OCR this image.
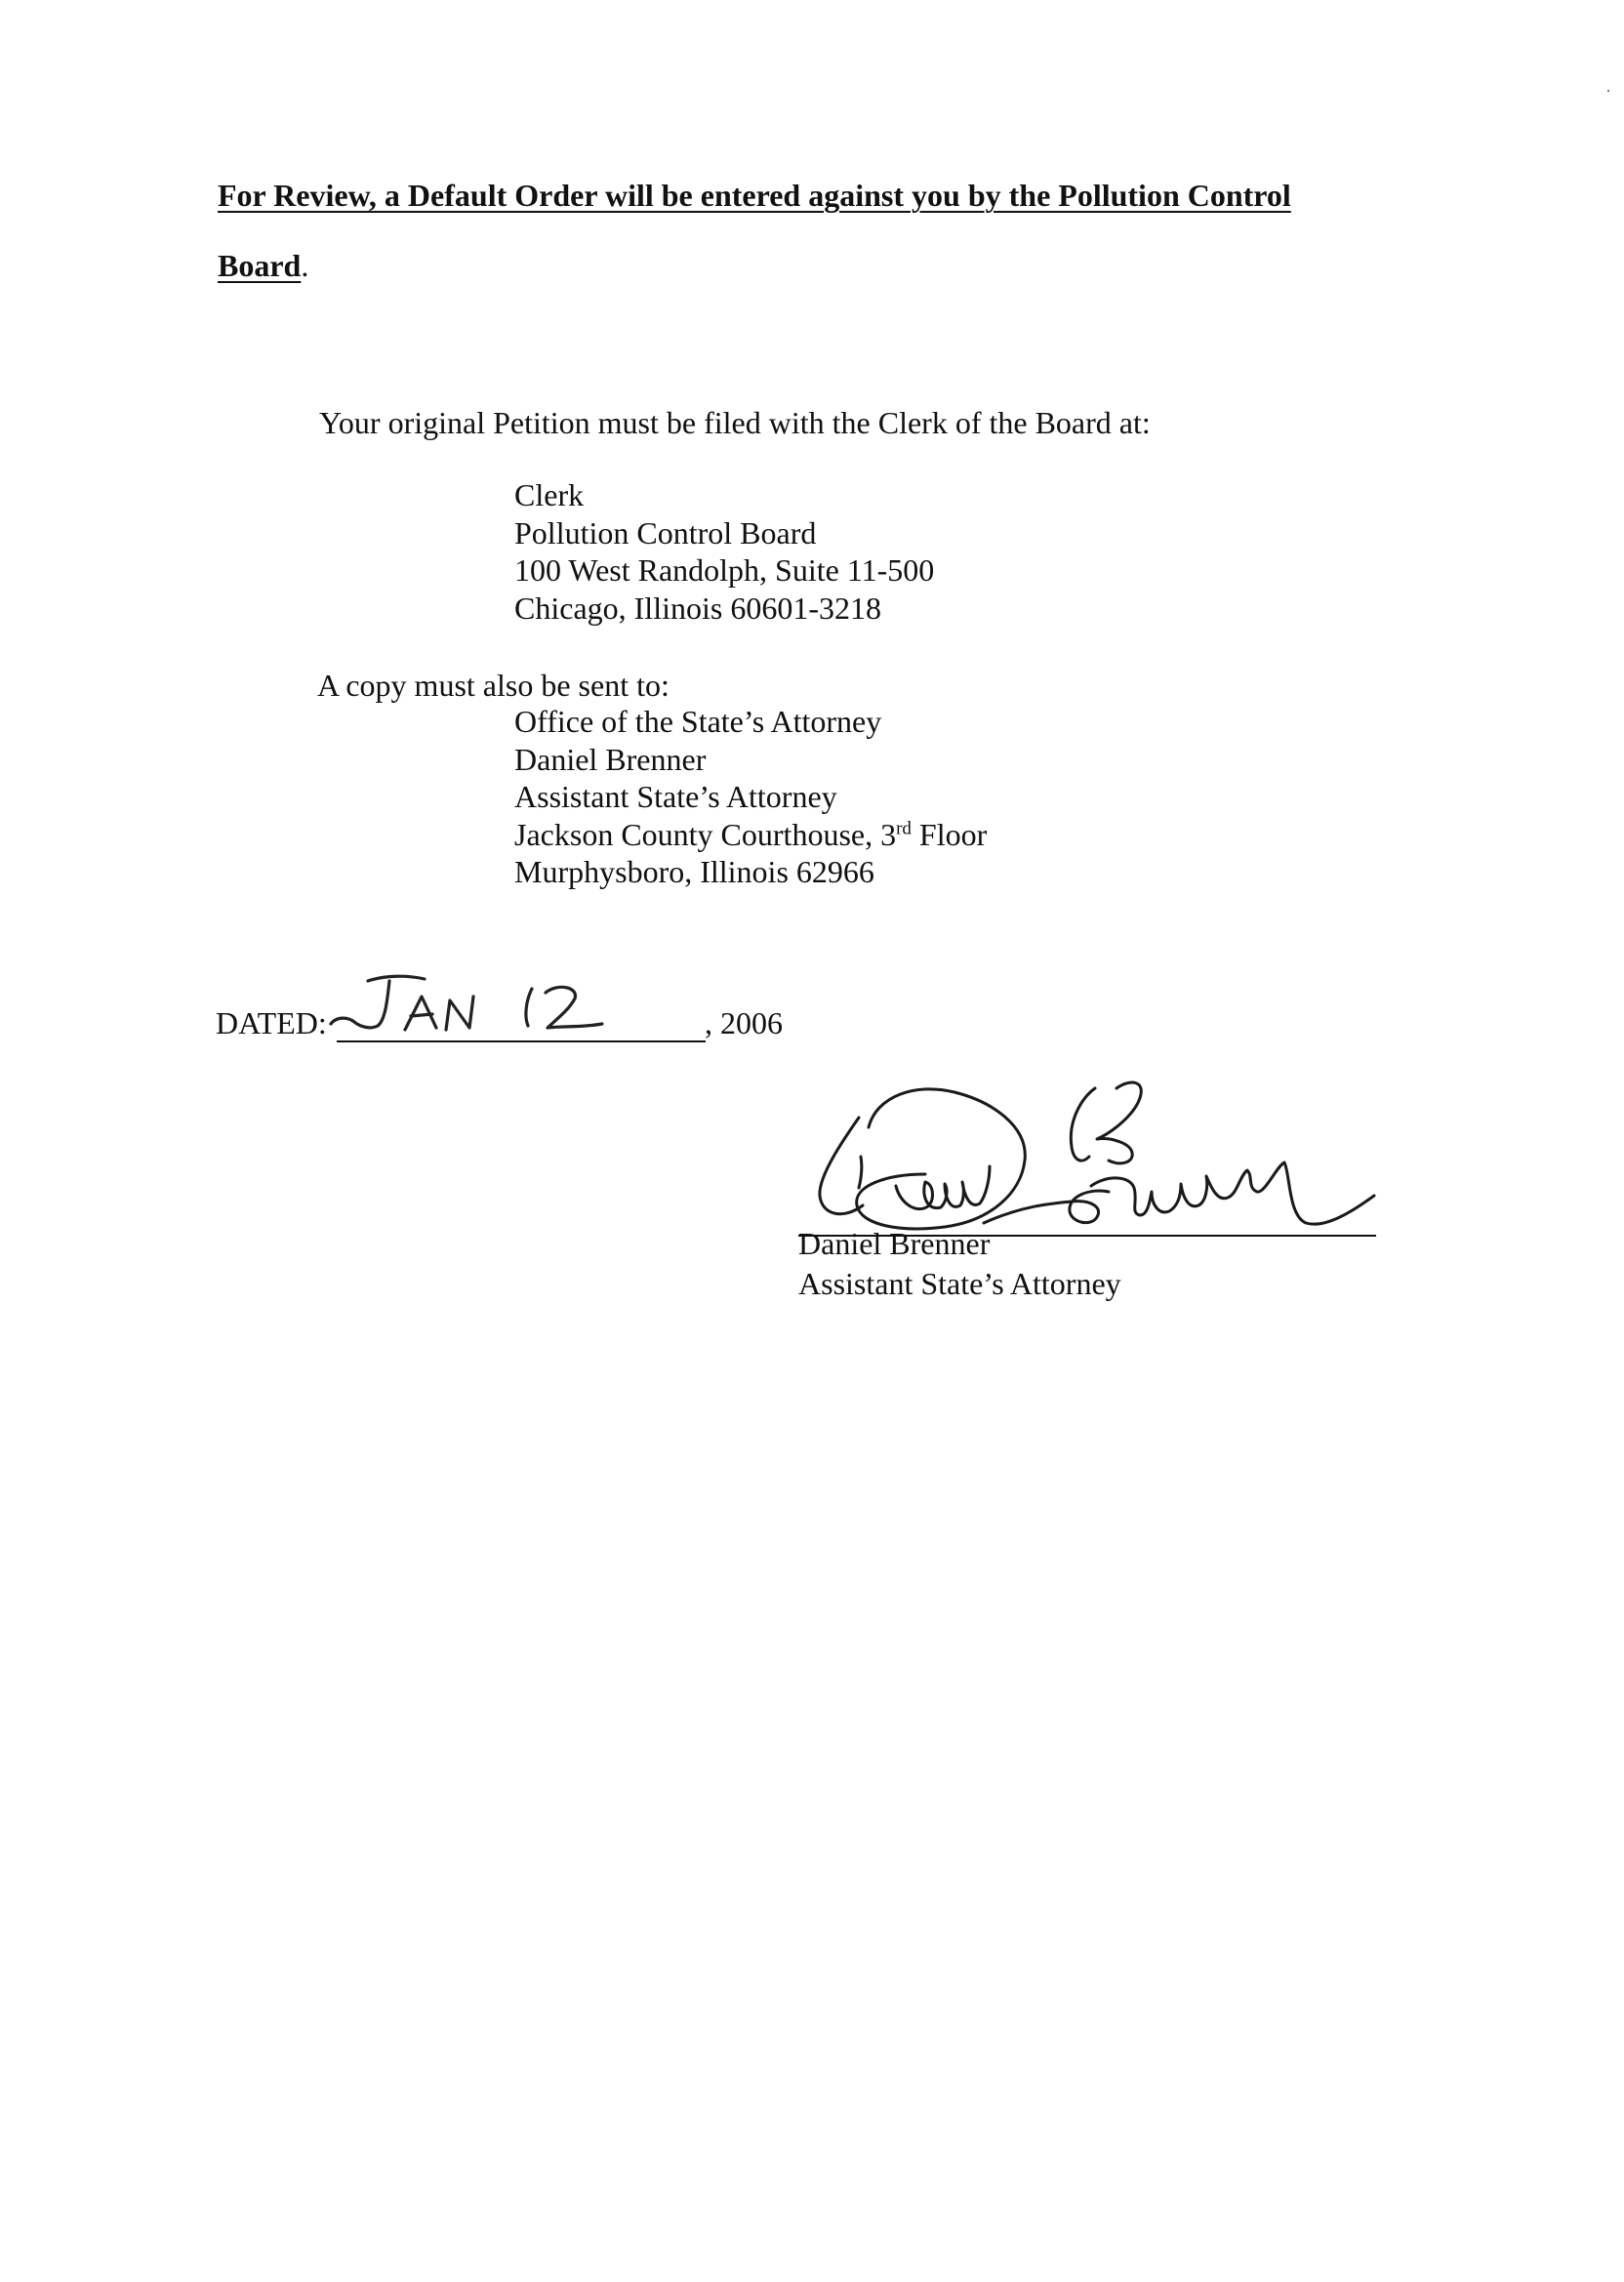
For Review, a Default Order will be entered against you by the Pollution Control
Board.
Your original Petition must be filed with the Clerk of the Board at:
Clerk
Pollution Control Board
100 West Randolph, Suite 11-500
Chicago, Illinois 60601-3218
A copy must also be sent to:
Office of the State’s Attorney
Daniel Brenner
Assistant State’s Attorney
Jackson County Courthouse, 3rd Floor
Murphysboro, Illinois 62966
DATED:	, 2006
JAN 12
Daniel Brenner
Assistant State’s Attorney
